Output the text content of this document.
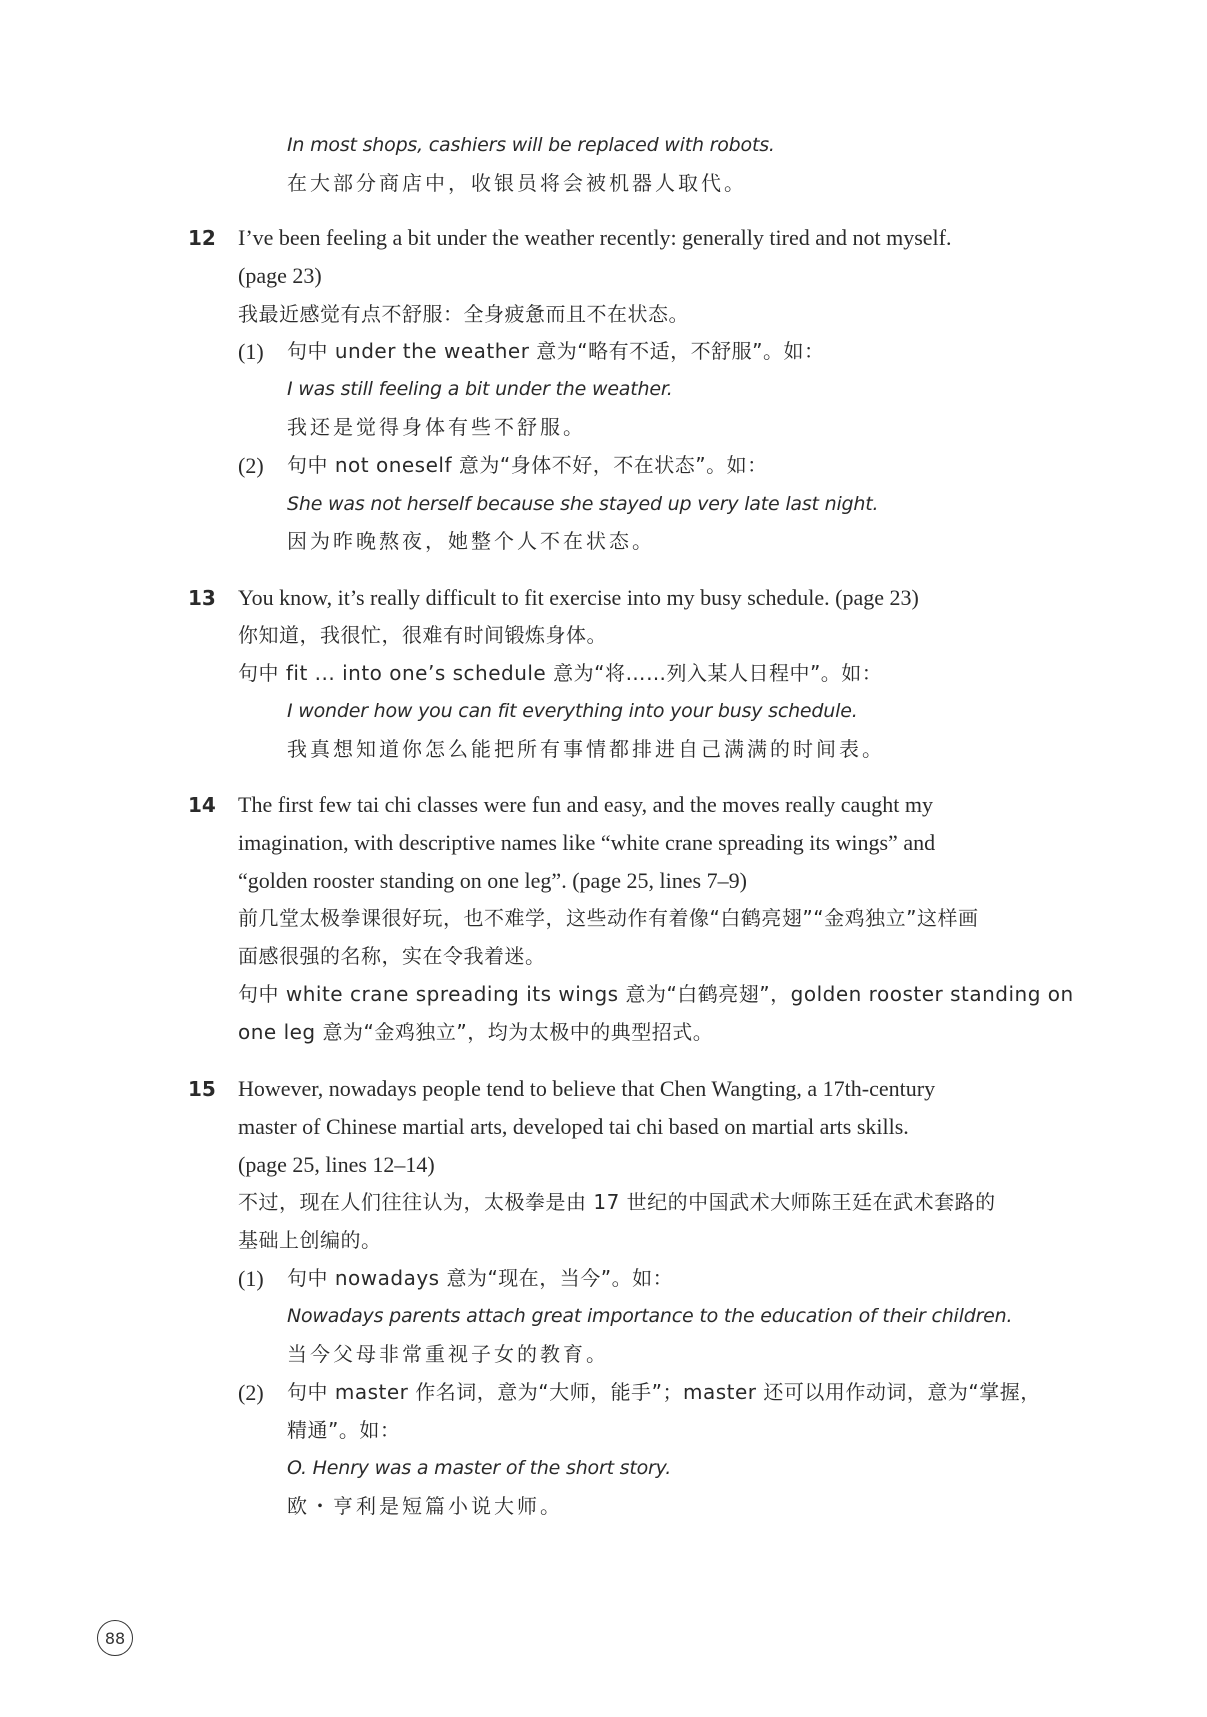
In most shops, cashiers will be replaced with robots.
在大部分商店中，收银员将会被机器人取代。
12 I’ve been feeling a bit under the weather recently: generally tired and not myself.
(page 23)
我最近感觉有点不舒服：全身疲惫而且不在状态。
(1) 句中 under the weather 意为“略有不适，不舒服”。如：
I was still feeling a bit under the weather.
我还是觉得身体有些不舒服。
(2) 句中 not oneself 意为“身体不好，不在状态”。如：
She was not herself because she stayed up very late last night.
因为昨晚熬夜，她整个人不在状态。
13 You know, it’s really difficult to fit exercise into my busy schedule. (page 23)
你知道，我很忙，很难有时间锻炼身体。
句中 fit ... into one’s schedule 意为“将……列入某人日程中”。如：
I wonder how you can fit everything into your busy schedule.
我真想知道你怎么能把所有事情都排进自己满满的时间表。
14 The first few tai chi classes were fun and easy, and the moves really caught my
imagination, with descriptive names like “white crane spreading its wings” and
“golden rooster standing on one leg”. (page 25, lines 7–9)
前几堂太极拳课很好玩，也不难学，这些动作有着像“白鹤亮翅”“金鸡独立”这样画
面感很强的名称，实在令我着迷。
句中 white crane spreading its wings 意为“白鹤亮翅”，golden rooster standing on
one leg 意为“金鸡独立”，均为太极中的典型招式。
15 However, nowadays people tend to believe that Chen Wangting, a 17th-century
master of Chinese martial arts, developed tai chi based on martial arts skills.
(page 25, lines 12–14)
不过，现在人们往往认为，太极拳是由 17 世纪的中国武术大师陈王廷在武术套路的
基础上创编的。
(1) 句中 nowadays 意为“现在，当今”。如：
Nowadays parents attach great importance to the education of their children.
当今父母非常重视子女的教育。
(2) 句中 master 作名词，意为“大师，能手”；master 还可以用作动词，意为“掌握，
精通”。如：
O. Henry was a master of the short story.
欧・亨利是短篇小说大师。
88
